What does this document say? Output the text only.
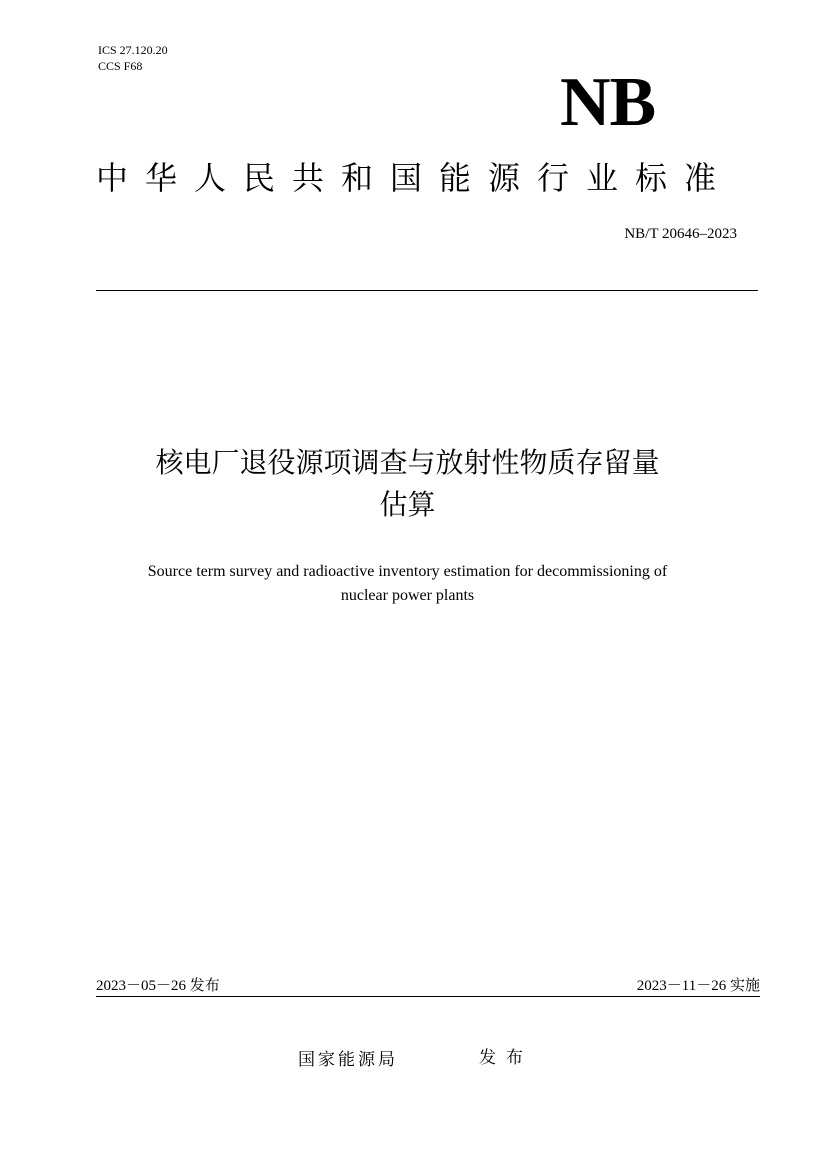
ICS 27.120.20
CCS F68	NB
中华人民共和国能源行业标准
NB/T 20646–2023
核电厂退役源项调查与放射性物质存留量
估算
Source term survey and radioactive inventory estimation for decommissioning of
nuclear power plants
2023－05－26 发布	2023－11－26 实施
国家能源局	发布
